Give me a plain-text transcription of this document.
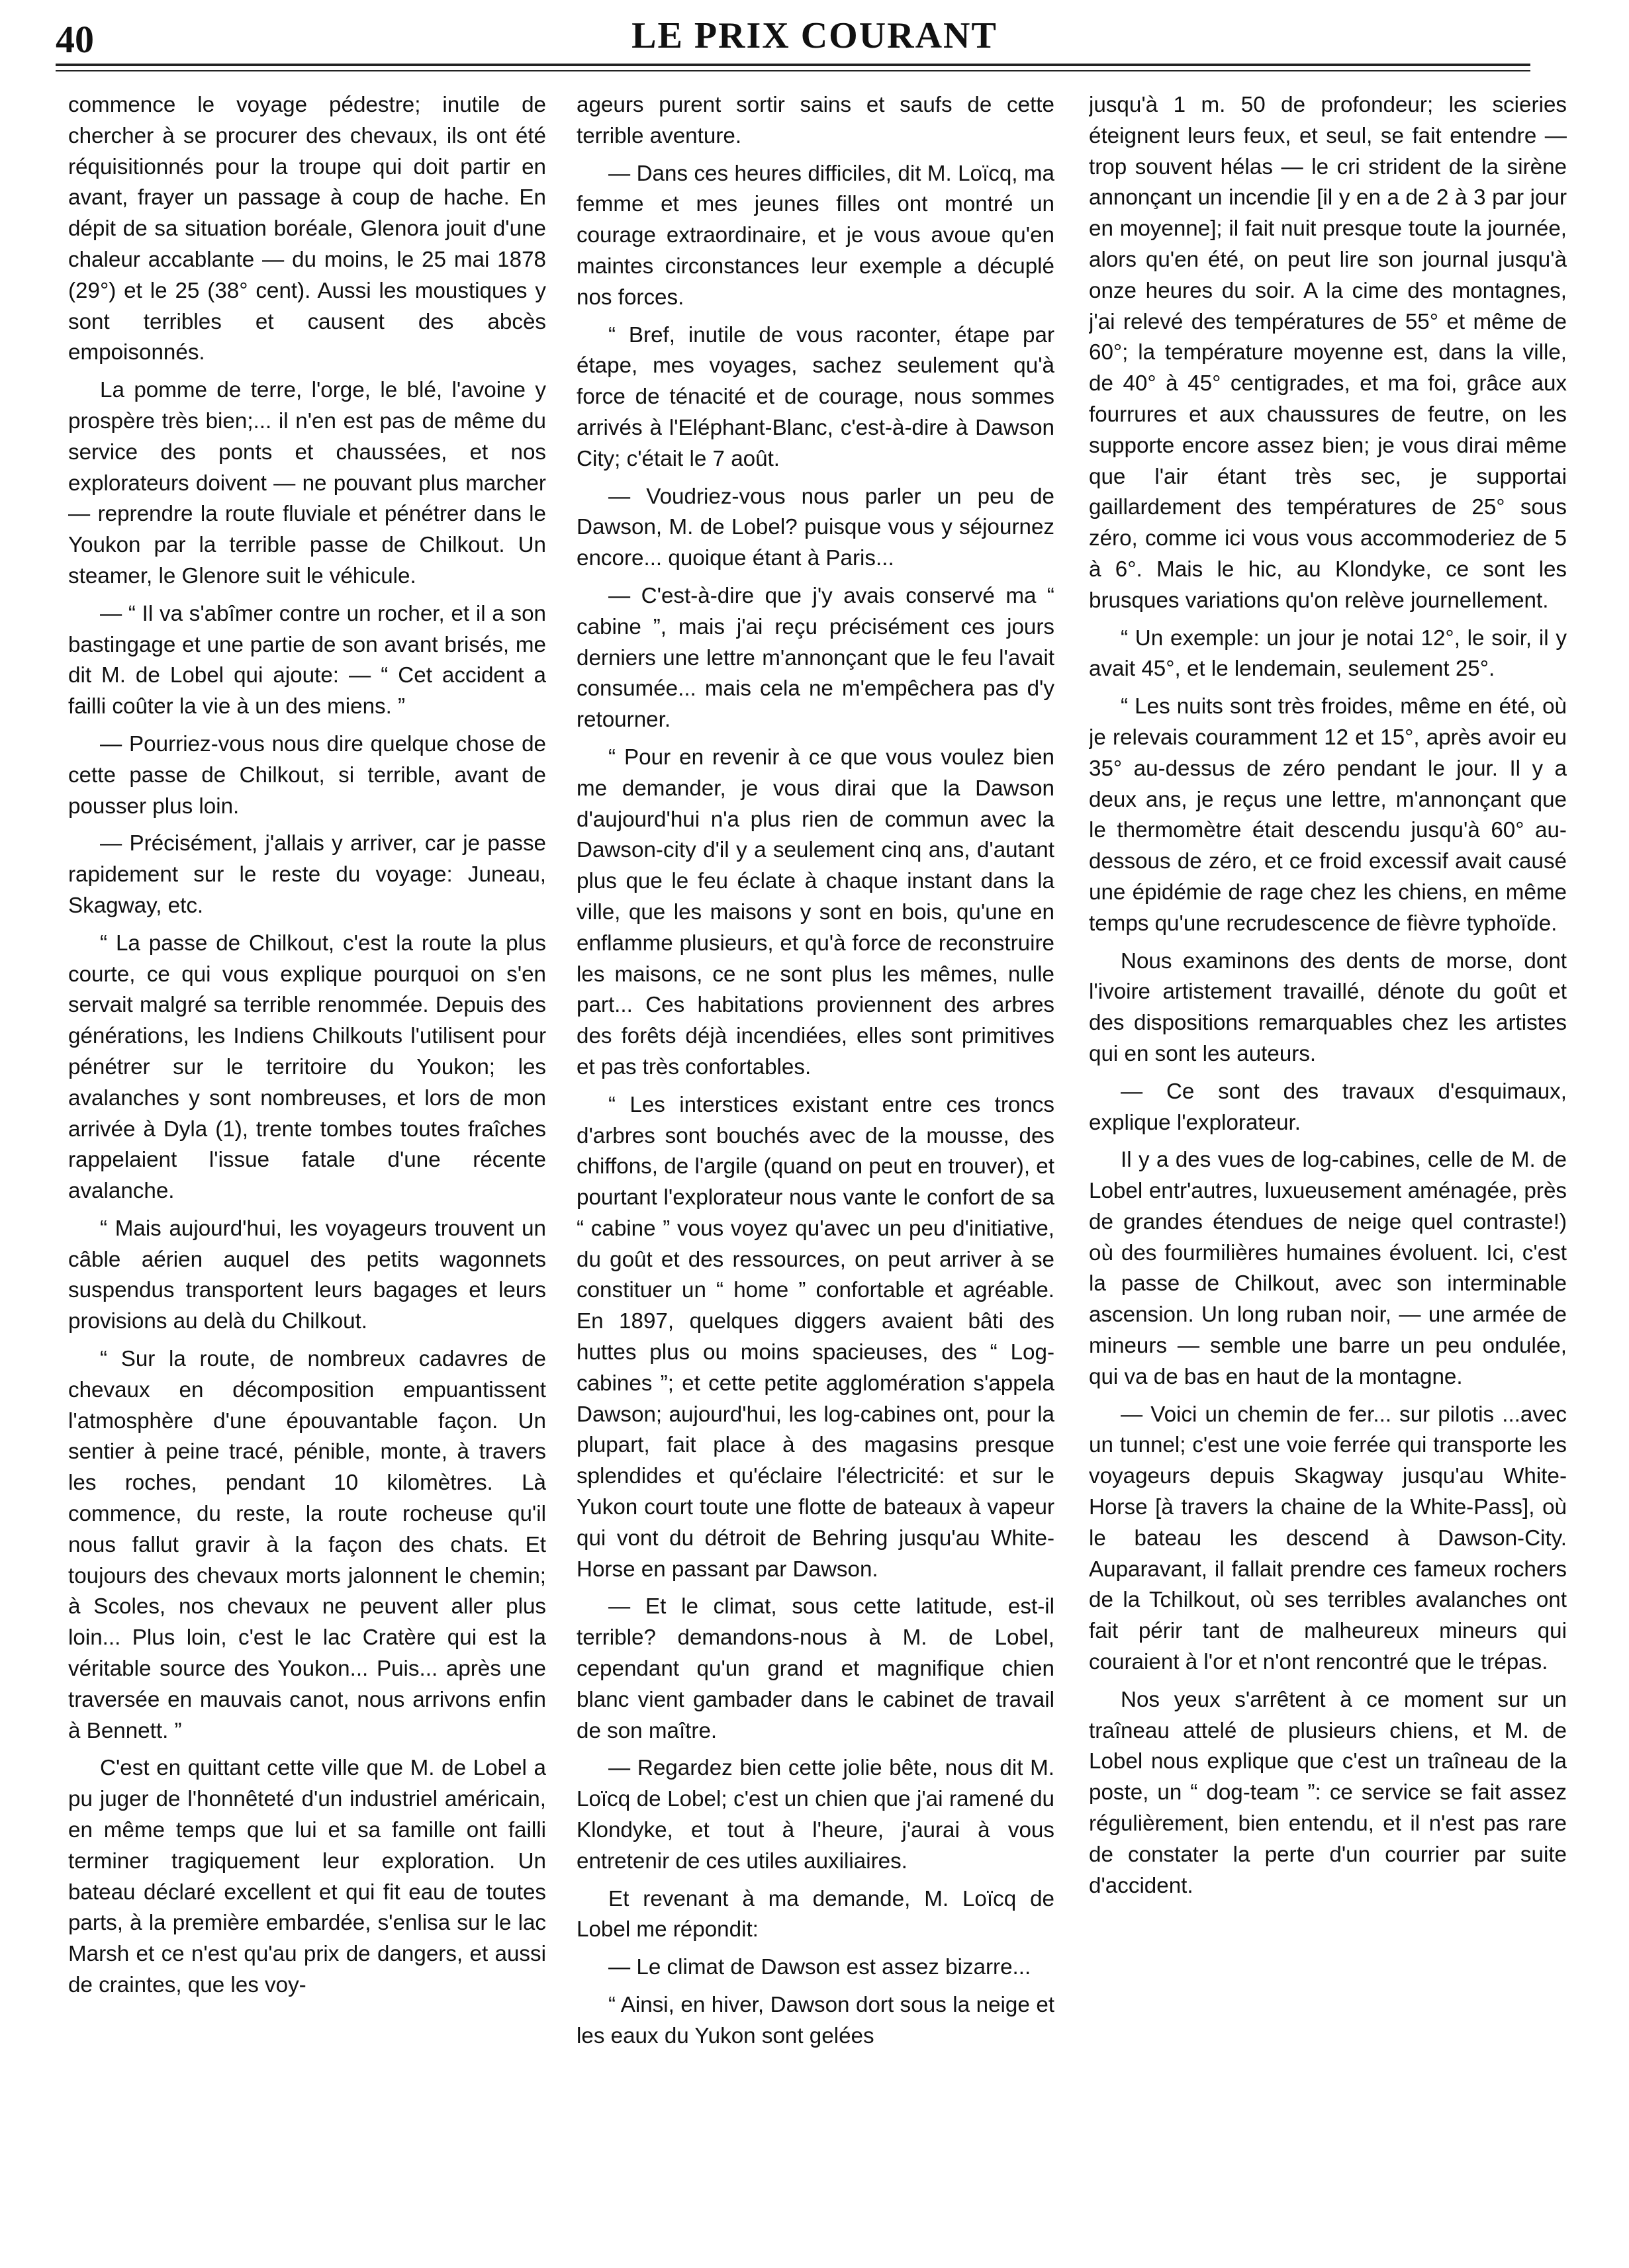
40	LE PRIX COURANT

commence le voyage pédestre; inutile de chercher à se procurer des chevaux, ils ont été réquisitionnés pour la troupe qui doit partir en avant, frayer un passage à coup de hache. En dépit de sa situation boréale, Glenora jouit d'une chaleur accablante — du moins, le 25 mai 1878 (29°) et le 25 (38° cent). Aussi les moustiques y sont terribles et causent des abcès empoisonnés.

La pomme de terre, l'orge, le blé, l'avoine y prospère très bien;... il n'en est pas de même du service des ponts et chaussées, et nos explorateurs doivent — ne pouvant plus marcher — reprendre la route fluviale et pénétrer dans le Youkon par la terrible passe de Chilkout. Un steamer, le Glenore suit le véhicule.

— “ Il va s'abîmer contre un rocher, et il a son bastingage et une partie de son avant brisés, me dit M. de Lobel qui ajoute: — “ Cet accident a failli coûter la vie à un des miens. ”

— Pourriez-vous nous dire quelque chose de cette passe de Chilkout, si terrible, avant de pousser plus loin.

— Précisément, j'allais y arriver, car je passe rapidement sur le reste du voyage: Juneau, Skagway, etc.

“ La passe de Chilkout, c'est la route la plus courte, ce qui vous explique pourquoi on s'en servait malgré sa terrible renommée. Depuis des générations, les Indiens Chilkouts l'utilisent pour pénétrer sur le territoire du Youkon; les avalanches y sont nombreuses, et lors de mon arrivée à Dyla (1), trente tombes toutes fraîches rappelaient l'issue fatale d'une récente avalanche.

“ Mais aujourd'hui, les voyageurs trouvent un câble aérien auquel des petits wagonnets suspendus transportent leurs bagages et leurs provisions au delà du Chilkout.

“ Sur la route, de nombreux cadavres de chevaux en décomposition empuantissent l'atmosphère d'une épouvantable façon. Un sentier à peine tracé, pénible, monte, à travers les roches, pendant 10 kilomètres. Là commence, du reste, la route rocheuse qu'il nous fallut gravir à la façon des chats. Et toujours des chevaux morts jalonnent le chemin; à Scoles, nos chevaux ne peuvent aller plus loin... Plus loin, c'est le lac Cratère qui est la véritable source des Youkon... Puis... après une traversée en mauvais canot, nous arrivons enfin à Bennett. ”

C'est en quittant cette ville que M. de Lobel a pu juger de l'honnêteté d'un industriel américain, en même temps que lui et sa famille ont failli terminer tragiquement leur exploration. Un bateau déclaré excellent et qui fit eau de toutes parts, à la première embardée, s'enlisa sur le lac Marsh et ce n'est qu'au prix de dangers, et aussi de craintes, que les voy-

ageurs purent sortir sains et saufs de cette terrible aventure.

— Dans ces heures difficiles, dit M. Loïcq, ma femme et mes jeunes filles ont montré un courage extraordinaire, et je vous avoue qu'en maintes circonstances leur exemple a décuplé nos forces.

“ Bref, inutile de vous raconter, étape par étape, mes voyages, sachez seulement qu'à force de ténacité et de courage, nous sommes arrivés à l'Eléphant-Blanc, c'est-à-dire à Dawson City; c'était le 7 août.

— Voudriez-vous nous parler un peu de Dawson, M. de Lobel? puisque vous y séjournez encore... quoique étant à Paris...

— C'est-à-dire que j'y avais conservé ma “ cabine ”, mais j'ai reçu précisément ces jours derniers une lettre m'annonçant que le feu l'avait consumée... mais cela ne m'empêchera pas d'y retourner.

“ Pour en revenir à ce que vous voulez bien me demander, je vous dirai que la Dawson d'aujourd'hui n'a plus rien de commun avec la Dawson-city d'il y a seulement cinq ans, d'autant plus que le feu éclate à chaque instant dans la ville, que les maisons y sont en bois, qu'une en enflamme plusieurs, et qu'à force de reconstruire les maisons, ce ne sont plus les mêmes, nulle part... Ces habitations proviennent des arbres des forêts déjà incendiées, elles sont primitives et pas très confortables.

“ Les interstices existant entre ces troncs d'arbres sont bouchés avec de la mousse, des chiffons, de l'argile (quand on peut en trouver), et pourtant l'explorateur nous vante le confort de sa “ cabine ” vous voyez qu'avec un peu d'initiative, du goût et des ressources, on peut arriver à se constituer un “ home ” confortable et agréable. En 1897, quelques diggers avaient bâti des huttes plus ou moins spacieuses, des “ Log-cabines ”; et cette petite agglomération s'appela Dawson; aujourd'hui, les log-cabines ont, pour la plupart, fait place à des magasins presque splendides et qu'éclaire l'électricité: et sur le Yukon court toute une flotte de bateaux à vapeur qui vont du détroit de Behring jusqu'au White-Horse en passant par Dawson.

— Et le climat, sous cette latitude, est-il terrible? demandons-nous à M. de Lobel, cependant qu'un grand et magnifique chien blanc vient gambader dans le cabinet de travail de son maître.

— Regardez bien cette jolie bête, nous dit M. Loïcq de Lobel; c'est un chien que j'ai ramené du Klondyke, et tout à l'heure, j'aurai à vous entretenir de ces utiles auxiliaires.

Et revenant à ma demande, M. Loïcq de Lobel me répondit:

— Le climat de Dawson est assez bizarre...

“ Ainsi, en hiver, Dawson dort sous la neige et les eaux du Yukon sont gelées

jusqu'à 1 m. 50 de profondeur; les scieries éteignent leurs feux, et seul, se fait entendre — trop souvent hélas — le cri strident de la sirène annonçant un incendie [il y en a de 2 à 3 par jour en moyenne]; il fait nuit presque toute la journée, alors qu'en été, on peut lire son journal jusqu'à onze heures du soir. A la cime des montagnes, j'ai relevé des températures de 55° et même de 60°; la température moyenne est, dans la ville, de 40° à 45° centigrades, et ma foi, grâce aux fourrures et aux chaussures de feutre, on les supporte encore assez bien; je vous dirai même que l'air étant très sec, je supportai gaillardement des températures de 25° sous zéro, comme ici vous vous accommoderiez de 5 à 6°. Mais le hic, au Klondyke, ce sont les brusques variations qu'on relève journellement.

“ Un exemple: un jour je notai 12°, le soir, il y avait 45°, et le lendemain, seulement 25°.

“ Les nuits sont très froides, même en été, où je relevais couramment 12 et 15°, après avoir eu 35° au-dessus de zéro pendant le jour. Il y a deux ans, je reçus une lettre, m'annonçant que le thermomètre était descendu jusqu'à 60° au-dessous de zéro, et ce froid excessif avait causé une épidémie de rage chez les chiens, en même temps qu'une recrudescence de fièvre typhoïde.

Nous examinons des dents de morse, dont l'ivoire artistement travaillé, dénote du goût et des dispositions remarquables chez les artistes qui en sont les auteurs.

— Ce sont des travaux d'esquimaux, explique l'explorateur.

Il y a des vues de log-cabines, celle de M. de Lobel entr'autres, luxueusement aménagée, près de grandes étendues de neige quel contraste!) où des fourmilières humaines évoluent. Ici, c'est la passe de Chilkout, avec son interminable ascension. Un long ruban noir, — une armée de mineurs — semble une barre un peu ondulée, qui va de bas en haut de la montagne.

— Voici un chemin de fer... sur pilotis ...avec un tunnel; c'est une voie ferrée qui transporte les voyageurs depuis Skagway jusqu'au White-Horse [à travers la chaine de la White-Pass], où le bateau les descend à Dawson-City. Auparavant, il fallait prendre ces fameux rochers de la Tchilkout, où ses terribles avalanches ont fait périr tant de malheureux mineurs qui couraient à l'or et n'ont rencontré que le trépas.

Nos yeux s'arrêtent à ce moment sur un traîneau attelé de plusieurs chiens, et M. de Lobel nous explique que c'est un traîneau de la poste, un “ dog-team ”: ce service se fait assez régulièrement, bien entendu, et il n'est pas rare de constater la perte d'un courrier par suite d'accident.
